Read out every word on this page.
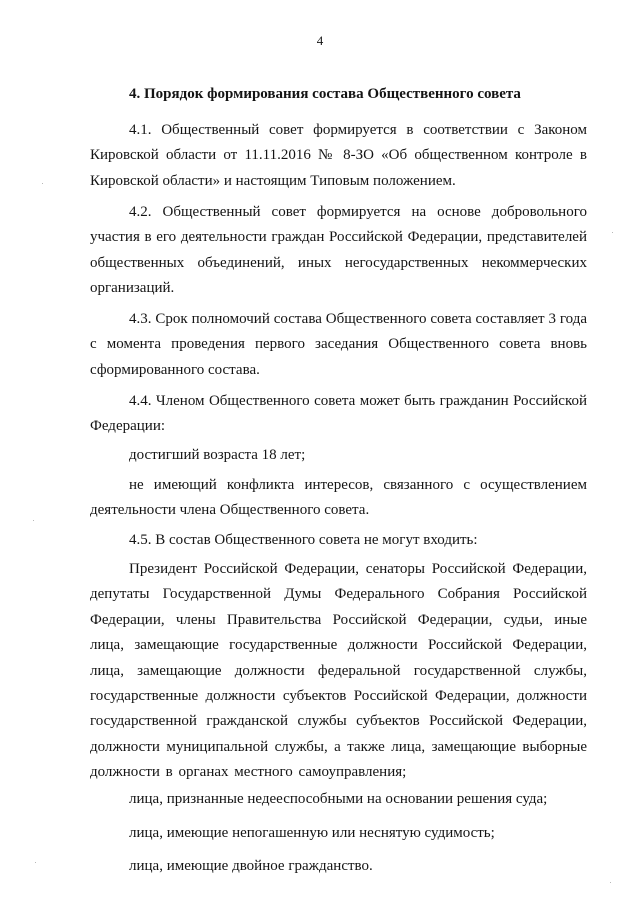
4
4. Порядок формирования состава Общественного совета

4.1. Общественный совет формируется в соответствии с Законом Кировской области от 11.11.2016 № 8-ЗО «Об общественном контроле в Кировской области» и настоящим Типовым положением.

4.2. Общественный совет формируется на основе добровольного участия в его деятельности граждан Российской Федерации, представителей общественных объединений, иных негосударственных некоммерческих организаций.

4.3. Срок полномочий состава Общественного совета составляет 3 года с момента проведения первого заседания Общественного совета вновь сформированного состава.

4.4. Членом Общественного совета может быть гражданин Российской Федерации:

достигший возраста 18 лет;

не имеющий конфликта интересов, связанного с осуществлением деятельности члена Общественного совета.

4.5. В состав Общественного совета не могут входить:

Президент Российской Федерации, сенаторы Российской Федерации, депутаты Государственной Думы Федерального Собрания Российской Федерации, члены Правительства Российской Федерации, судьи, иные лица, замещающие государственные должности Российской Федерации, лица, замещающие должности федеральной государственной службы, государственные должности субъектов Российской Федерации, должности государственной гражданской службы субъектов Российской Федерации, должности муниципальной службы, а также лица, замещающие выборные должности в органах местного самоуправления;

лица, признанные недееспособными на основании решения суда;

лица, имеющие непогашенную или неснятую судимость;

лица, имеющие двойное гражданство.
